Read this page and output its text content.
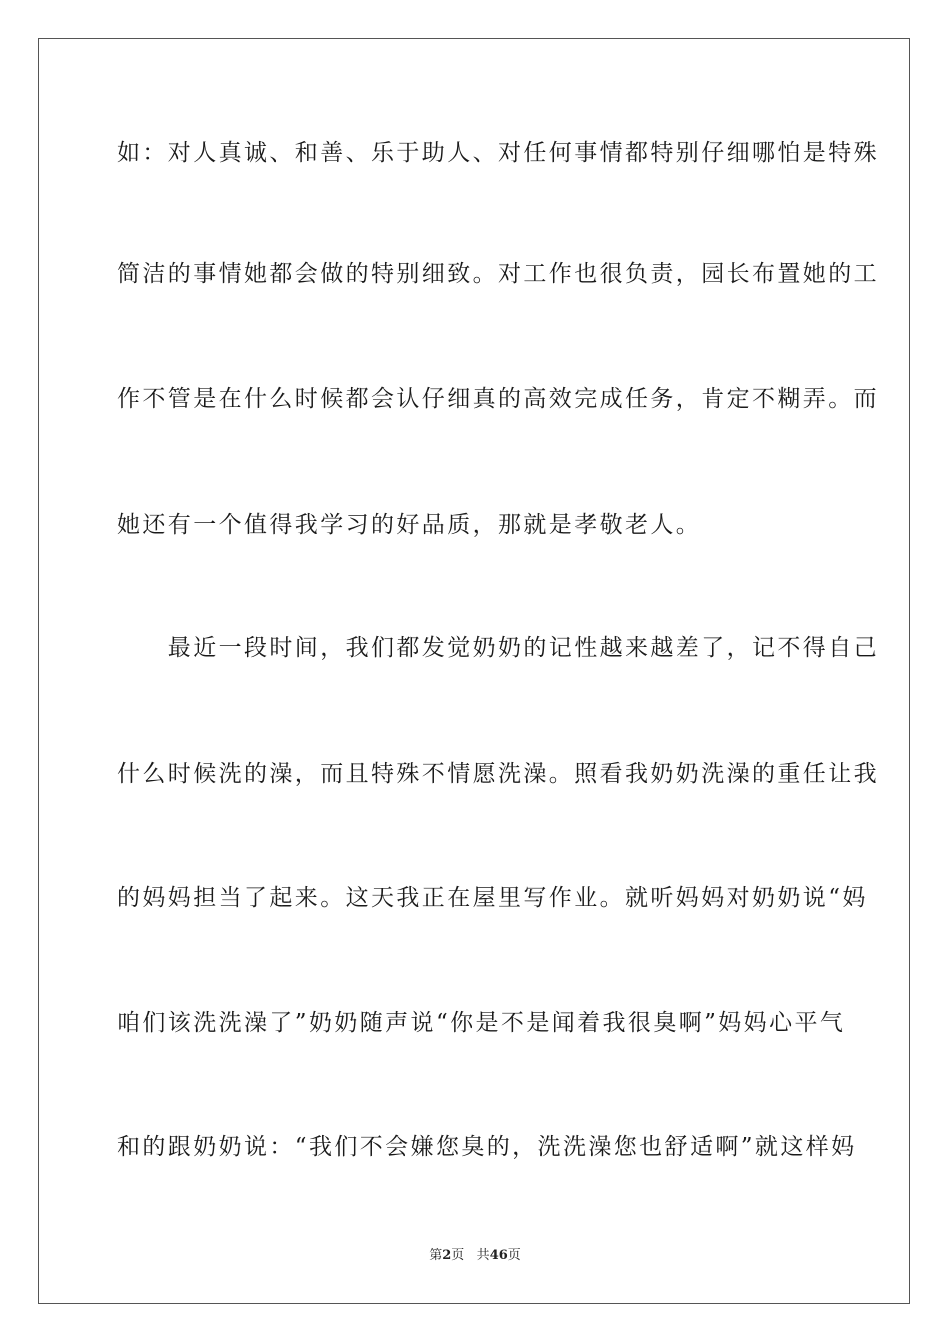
如：对人真诚、和善、乐于助人、对任何事情都特别仔细哪怕是特殊
简洁的事情她都会做的特别细致。对工作也很负责，园长布置她的工
作不管是在什么时候都会认仔细真的高效完成任务，肯定不糊弄。而
她还有一个值得我学习的好品质，那就是孝敬老人。
　　最近一段时间，我们都发觉奶奶的记性越来越差了，记不得自己
什么时候洗的澡，而且特殊不情愿洗澡。照看我奶奶洗澡的重任让我
的妈妈担当了起来。这天我正在屋里写作业。就听妈妈对奶奶说“妈
咱们该洗洗澡了”奶奶随声说“你是不是闻着我很臭啊”妈妈心平气
和的跟奶奶说：“我们不会嫌您臭的，洗洗澡您也舒适啊”就这样妈
第2页 共46页
